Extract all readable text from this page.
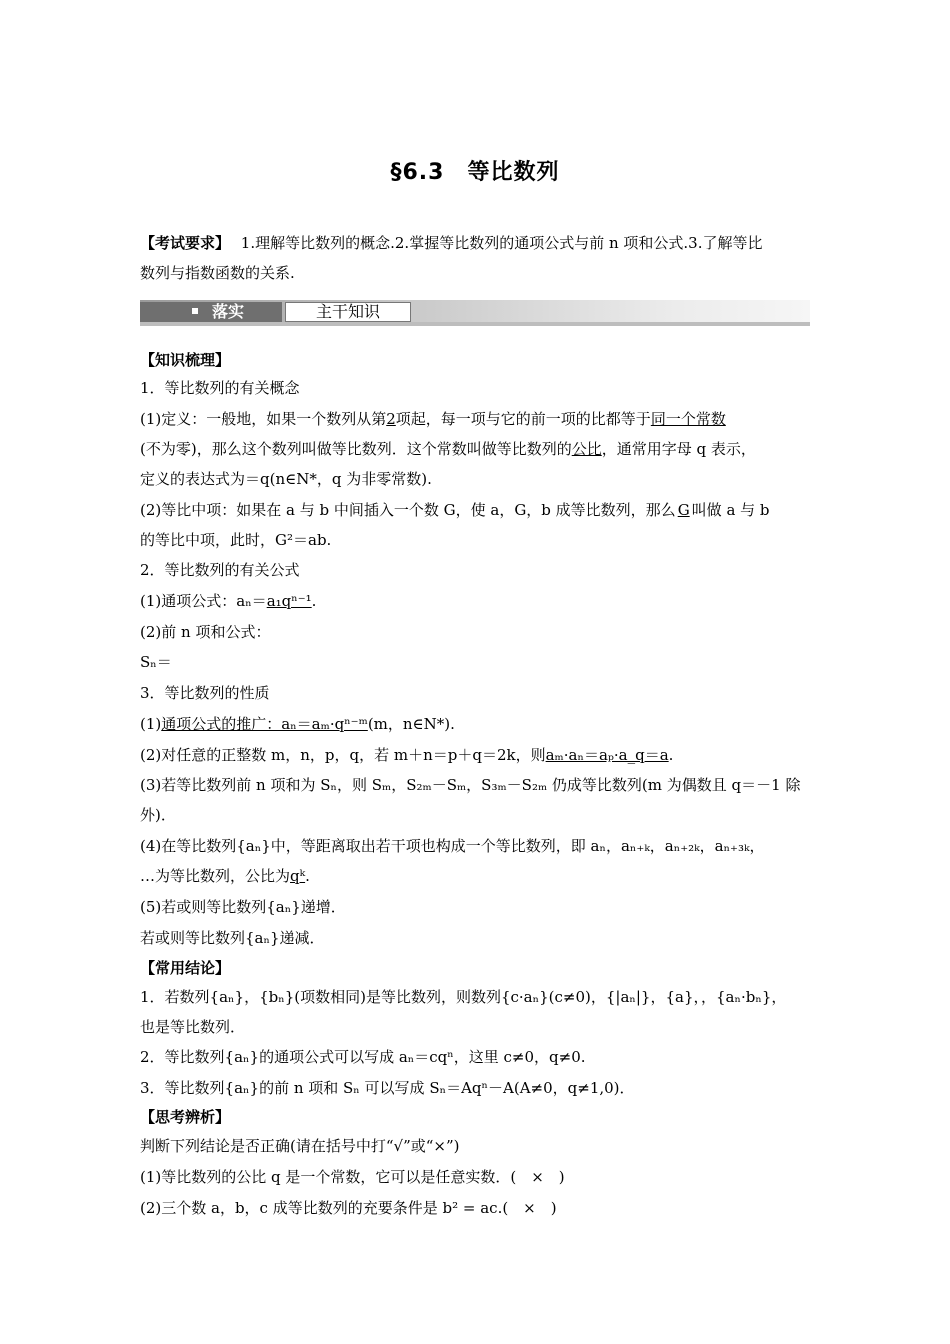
§6.3　等比数列
【考试要求】 1.理解等比数列的概念.2.掌握等比数列的通项公式与前 n 项和公式.3.了解等比
数列与指数函数的关系.
落实	主干知识
【知识梳理】
1．等比数列的有关概念
(1)定义：一般地，如果一个数列从第2项起，每一项与它的前一项的比都等于同一个常数
(不为零)，那么这个数列叫做等比数列．这个常数叫做等比数列的公比，通常用字母 q 表示，
定义的表达式为＝q(n∈N*，q 为非零常数).
(2)等比中项：如果在 a 与 b 中间插入一个数 G，使 a，G，b 成等比数列，那么 G 叫做 a 与 b
的等比中项，此时，G²＝ab.
2．等比数列的有关公式
(1)通项公式：aₙ＝a₁qⁿ⁻¹.
(2)前 n 项和公式：
Sₙ＝
3．等比数列的性质
(1)通项公式的推广：aₙ＝aₘ·qⁿ⁻ᵐ(m，n∈N*).
(2)对任意的正整数 m，n，p，q，若 m＋n＝p＋q＝2k，则aₘ·aₙ＝aₚ·a_q＝a.
(3)若等比数列前 n 项和为 Sₙ，则 Sₘ，S₂ₘ－Sₘ，S₃ₘ－S₂ₘ 仍成等比数列(m 为偶数且 q＝－1 除
外)．
(4)在等比数列{aₙ}中，等距离取出若干项也构成一个等比数列，即 aₙ，aₙ₊ₖ，aₙ₊₂ₖ，aₙ₊₃ₖ，
…为等比数列，公比为qᵏ.
(5)若或则等比数列{aₙ}递增．
若或则等比数列{aₙ}递减．
【常用结论】
1．若数列{aₙ}，{bₙ}(项数相同)是等比数列，则数列{c·aₙ}(c≠0)，{|aₙ|}，{a}，，{aₙ·bₙ}，
也是等比数列．
2．等比数列{aₙ}的通项公式可以写成 aₙ＝cqⁿ，这里 c≠0，q≠0.
3．等比数列{aₙ}的前 n 项和 Sₙ 可以写成 Sₙ＝Aqⁿ－A(A≠0，q≠1,0)．
【思考辨析】
判断下列结论是否正确(请在括号中打“√”或“×”)
(1)等比数列的公比 q 是一个常数，它可以是任意实数．(　×　)
(2)三个数 a，b，c 成等比数列的充要条件是 b² = ac.(　×　)
